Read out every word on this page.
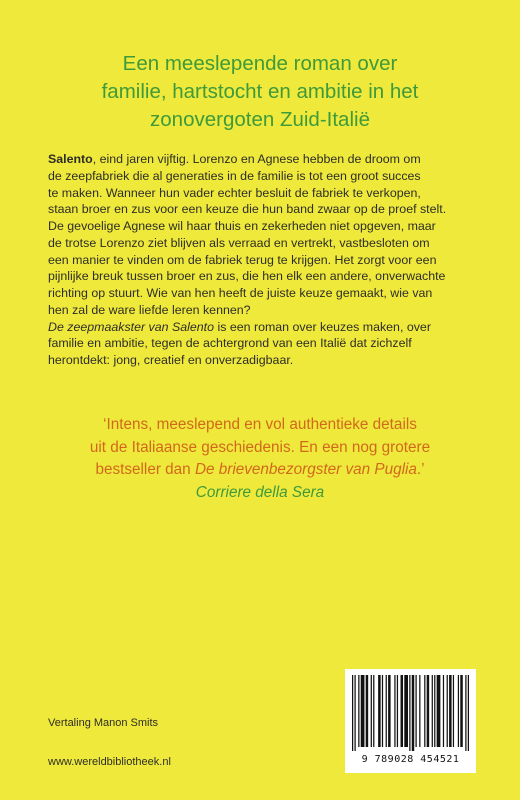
Een meeslepende roman over
familie, hartstocht en ambitie in het
zonovergoten Zuid-Italië
Salento, eind jaren vijftig. Lorenzo en Agnese hebben de droom om
de zeepfabriek die al generaties in de familie is tot een groot succes
te maken. Wanneer hun vader echter besluit de fabriek te verkopen,
staan broer en zus voor een keuze die hun band zwaar op de proef stelt.
De gevoelige Agnese wil haar thuis en zekerheden niet opgeven, maar
de trotse Lorenzo ziet blijven als verraad en vertrekt, vastbesloten om
een manier te vinden om de fabriek terug te krijgen. Het zorgt voor een
pijnlijke breuk tussen broer en zus, die hen elk een andere, onverwachte
richting op stuurt. Wie van hen heeft de juiste keuze gemaakt, wie van
hen zal de ware liefde leren kennen?
De zeepmaakster van Salento is een roman over keuzes maken, over
familie en ambitie, tegen de achtergrond van een Italië dat zichzelf
herontdekt: jong, creatief en onverzadigbaar.
‘Intens, meeslepend en vol authentieke details
uit de Italiaanse geschiedenis. En een nog grotere
bestseller dan De brievenbezorgster van Puglia.’
Corriere della Sera
Vertaling Manon Smits
www.wereldbibliotheek.nl	9 789028 454521
